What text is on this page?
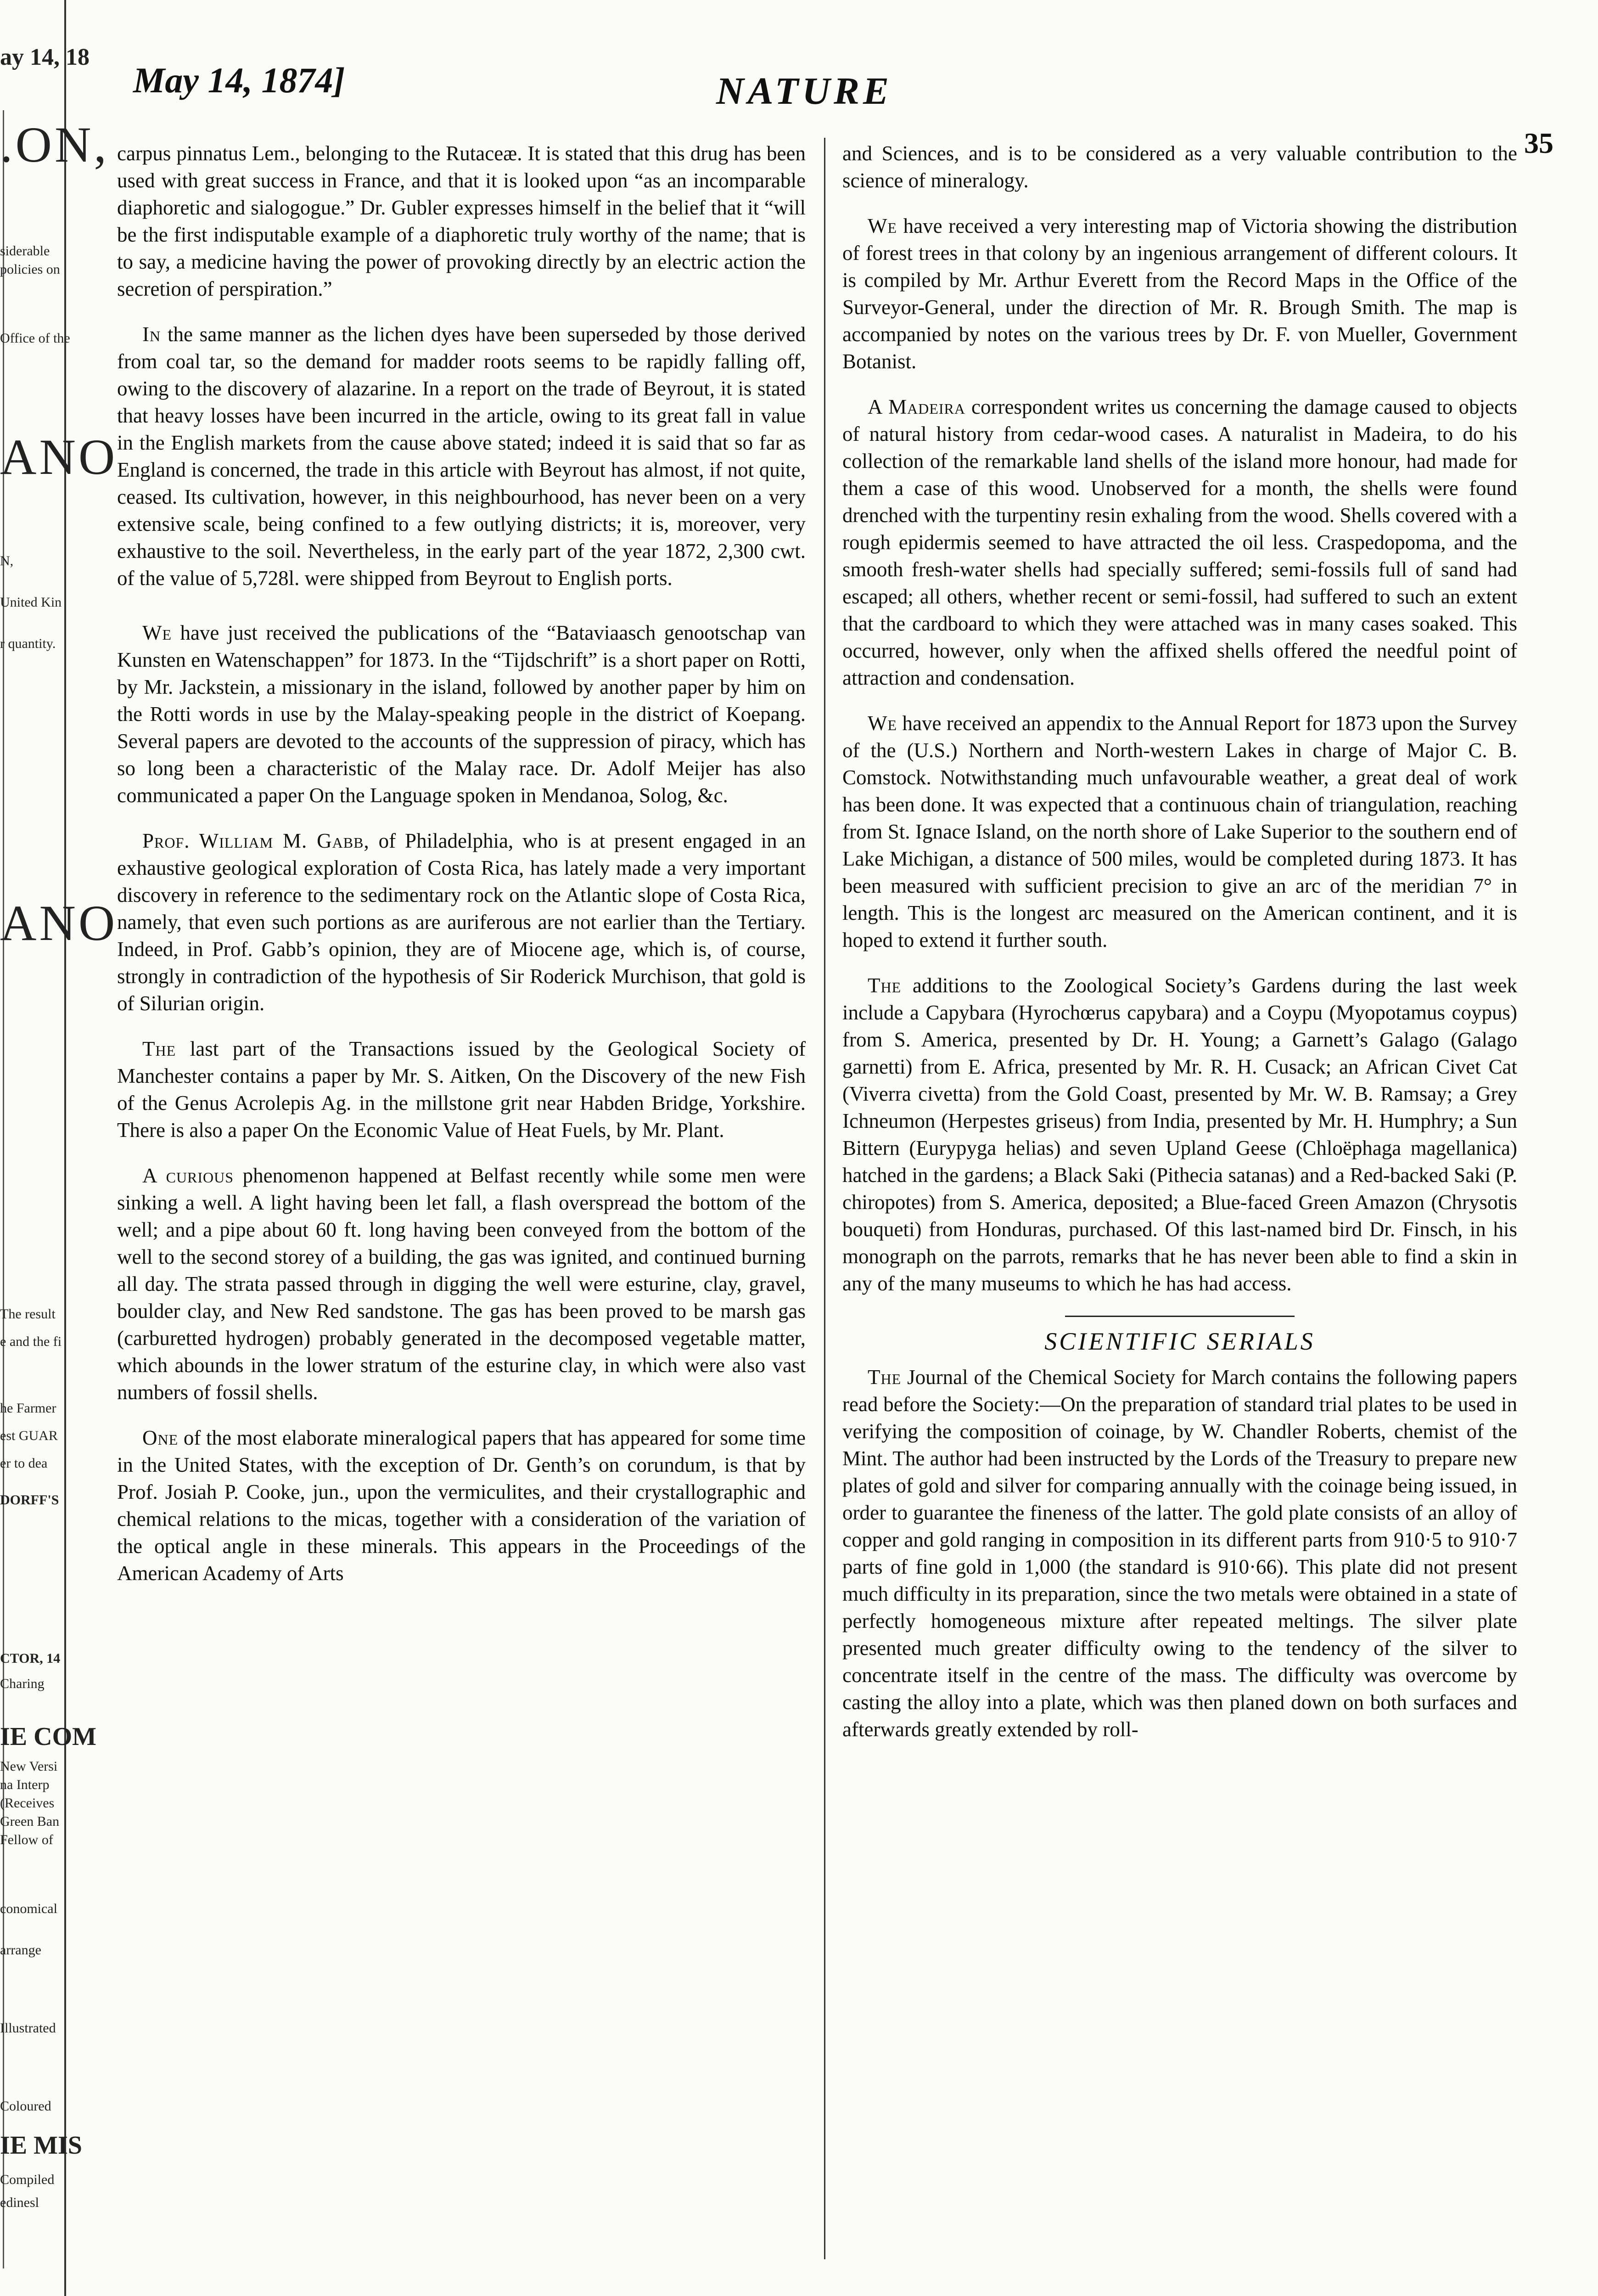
ay 14, 18
.ON,
siderable
policies on
Office of the
ANO
N,
United Kin
r quantity.
ANO
The result
e and the fi
he Farmer
est GUAR
er to dea
DORFF'S
CTOR, 14
Charing
IE COM
New Versi
na Interp
(Receives
Green Ban
Fellow of
conomical
arrange
Illustrated
Coloured
IE MIS
Compiled
edinesl
May 14, 1874]	NATURE
35

carpus pinnatus Lem., belonging to the Rutaceæ. It is stated that this drug has been used with great success in France, and that it is looked upon “as an incomparable diaphoretic and sialogogue.” Dr. Gubler expresses himself in the belief that it “will be the first indisputable example of a diaphoretic truly worthy of the name; that is to say, a medicine having the power of provoking directly by an electric action the secretion of perspiration.”

In the same manner as the lichen dyes have been superseded by those derived from coal tar, so the demand for madder roots seems to be rapidly falling off, owing to the discovery of alazarine. In a report on the trade of Beyrout, it is stated that heavy losses have been incurred in the article, owing to its great fall in value in the English markets from the cause above stated; indeed it is said that so far as England is concerned, the trade in this article with Beyrout has almost, if not quite, ceased. Its cultivation, however, in this neighbourhood, has never been on a very extensive scale, being confined to a few outlying districts; it is, moreover, very exhaustive to the soil. Nevertheless, in the early part of the year 1872, 2,300 cwt. of the value of 5,728l. were shipped from Beyrout to English ports.

We have just received the publications of the “Bataviaasch genootschap van Kunsten en Watenschappen” for 1873. In the “Tijdschrift” is a short paper on Rotti, by Mr. Jackstein, a missionary in the island, followed by another paper by him on the Rotti words in use by the Malay-speaking people in the district of Koepang. Several papers are devoted to the accounts of the suppression of piracy, which has so long been a characteristic of the Malay race. Dr. Adolf Meijer has also communicated a paper On the Language spoken in Mendanoa, Solog, &c.

Prof. William M. Gabb, of Philadelphia, who is at present engaged in an exhaustive geological exploration of Costa Rica, has lately made a very important discovery in reference to the sedimentary rock on the Atlantic slope of Costa Rica, namely, that even such portions as are auriferous are not earlier than the Tertiary. Indeed, in Prof. Gabb’s opinion, they are of Miocene age, which is, of course, strongly in contradiction of the hypothesis of Sir Roderick Murchison, that gold is of Silurian origin.

The last part of the Transactions issued by the Geological Society of Manchester contains a paper by Mr. S. Aitken, On the Discovery of the new Fish of the Genus Acrolepis Ag. in the millstone grit near Habden Bridge, Yorkshire. There is also a paper On the Economic Value of Heat Fuels, by Mr. Plant.

A curious phenomenon happened at Belfast recently while some men were sinking a well. A light having been let fall, a flash overspread the bottom of the well; and a pipe about 60 ft. long having been conveyed from the bottom of the well to the second storey of a building, the gas was ignited, and continued burning all day. The strata passed through in digging the well were esturine, clay, gravel, boulder clay, and New Red sandstone. The gas has been proved to be marsh gas (carburetted hydrogen) probably generated in the decomposed vegetable matter, which abounds in the lower stratum of the esturine clay, in which were also vast numbers of fossil shells.

One of the most elaborate mineralogical papers that has appeared for some time in the United States, with the exception of Dr. Genth’s on corundum, is that by Prof. Josiah P. Cooke, jun., upon the vermiculites, and their crystallographic and chemical relations to the micas, together with a consideration of the variation of the optical angle in these minerals. This appears in the Proceedings of the American Academy of Arts

and Sciences, and is to be considered as a very valuable contribution to the science of mineralogy.

We have received a very interesting map of Victoria showing the distribution of forest trees in that colony by an ingenious arrangement of different colours. It is compiled by Mr. Arthur Everett from the Record Maps in the Office of the Surveyor-General, under the direction of Mr. R. Brough Smith. The map is accompanied by notes on the various trees by Dr. F. von Mueller, Government Botanist.

A Madeira correspondent writes us concerning the damage caused to objects of natural history from cedar-wood cases. A naturalist in Madeira, to do his collection of the remarkable land shells of the island more honour, had made for them a case of this wood. Unobserved for a month, the shells were found drenched with the turpentiny resin exhaling from the wood. Shells covered with a rough epidermis seemed to have attracted the oil less. Craspedopoma, and the smooth fresh-water shells had specially suffered; semi-fossils full of sand had escaped; all others, whether recent or semi-fossil, had suffered to such an extent that the cardboard to which they were attached was in many cases soaked. This occurred, however, only when the affixed shells offered the needful point of attraction and condensation.

We have received an appendix to the Annual Report for 1873 upon the Survey of the (U.S.) Northern and North-western Lakes in charge of Major C. B. Comstock. Notwithstanding much unfavourable weather, a great deal of work has been done. It was expected that a continuous chain of triangulation, reaching from St. Ignace Island, on the north shore of Lake Superior to the southern end of Lake Michigan, a distance of 500 miles, would be completed during 1873. It has been measured with sufficient precision to give an arc of the meridian 7° in length. This is the longest arc measured on the American continent, and it is hoped to extend it further south.

The additions to the Zoological Society’s Gardens during the last week include a Capybara (Hyrochœrus capybara) and a Coypu (Myopotamus coypus) from S. America, presented by Dr. H. Young; a Garnett’s Galago (Galago garnetti) from E. Africa, presented by Mr. R. H. Cusack; an African Civet Cat (Viverra civetta) from the Gold Coast, presented by Mr. W. B. Ramsay; a Grey Ichneumon (Herpestes griseus) from India, presented by Mr. H. Humphry; a Sun Bittern (Eurypyga helias) and seven Upland Geese (Chloëphaga magellanica) hatched in the gardens; a Black Saki (Pithecia satanas) and a Red-backed Saki (P. chiropotes) from S. America, deposited; a Blue-faced Green Amazon (Chrysotis bouqueti) from Honduras, purchased. Of this last-named bird Dr. Finsch, in his monograph on the parrots, remarks that he has never been able to find a skin in any of the many museums to which he has had access.

SCIENTIFIC SERIALS

The Journal of the Chemical Society for March contains the following papers read before the Society:—On the preparation of standard trial plates to be used in verifying the composition of coinage, by W. Chandler Roberts, chemist of the Mint. The author had been instructed by the Lords of the Treasury to prepare new plates of gold and silver for comparing annually with the coinage being issued, in order to guarantee the fineness of the latter. The gold plate consists of an alloy of copper and gold ranging in composition in its different parts from 910·5 to 910·7 parts of fine gold in 1,000 (the standard is 910·66). This plate did not present much difficulty in its preparation, since the two metals were obtained in a state of perfectly homogeneous mixture after repeated meltings. The silver plate presented much greater difficulty owing to the tendency of the silver to concentrate itself in the centre of the mass. The difficulty was overcome by casting the alloy into a plate, which was then planed down on both surfaces and afterwards greatly extended by roll-
